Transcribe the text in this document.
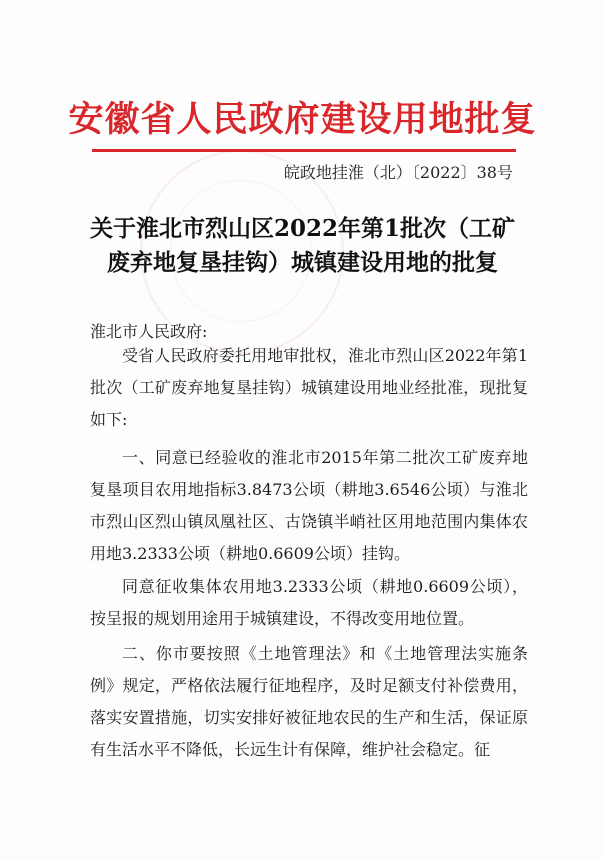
安徽省人民政府建设用地批复
皖政地挂淮（北）〔2022〕38号
关于淮北市烈山区2022年第1批次（工矿废弃地复垦挂钩）城镇建设用地的批复
淮北市人民政府:
受省人民政府委托用地审批权，淮北市烈山区2022年第1批次（工矿废弃地复垦挂钩）城镇建设用地业经批准，现批复如下:
一、同意已经验收的淮北市2015年第二批次工矿废弃地复垦项目农用地指标3.8473公顷（耕地3.6546公顷）与淮北市烈山区烈山镇凤凰社区、古饶镇半峭社区用地范围内集体农用地3.2333公顷（耕地0.6609公顷）挂钩。
同意征收集体农用地3.2333公顷（耕地0.6609公顷），按呈报的规划用途用于城镇建设，不得改变用地位置。
二、你市要按照《土地管理法》和《土地管理法实施条例》规定，严格依法履行征地程序，及时足额支付补偿费用，落实安置措施，切实安排好被征地农民的生产和生活，保证原有生活水平不降低，长远生计有保障，维护社会稳定。征
